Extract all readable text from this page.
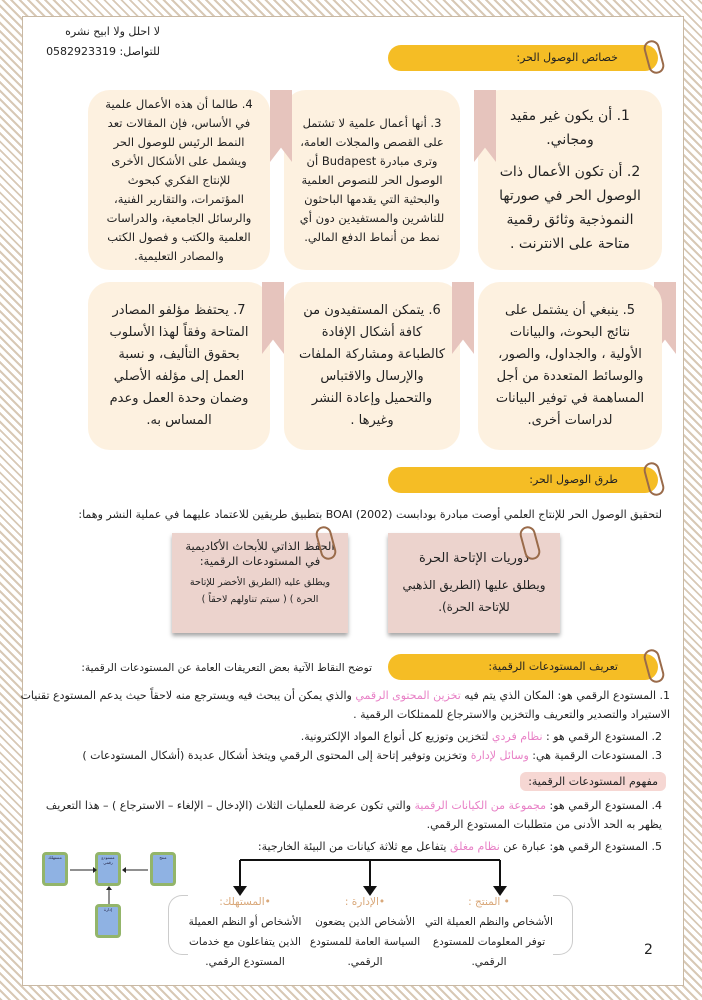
لا احلل ولا ابيح نشره
للتواصل: 0582923319	خصائص الوصول الحر:
1. أن يكون غير مقيد ومجاني.
2. أن تكون الأعمال ذات الوصول الحر في صورتها النموذجية وثائق رقمية متاحة على الانترنت .
3. أنها أعمال علمية لا تشتمل على القصص والمجلات العامة، وترى مبادرة Budapest أن الوصول الحر للنصوص العلمية والبحثية التي يقدمها الباحثون للناشرين والمستفيدين دون أي نمط من أنماط الدفع المالي.
4. طالما أن هذه الأعمال علمية في الأساس، فإن المقالات تعد النمط الرئيس للوصول الحر ويشمل على الأشكال الأخرى للإنتاج الفكري كبحوث المؤتمرات، والتقارير الفنية، والرسائل الجامعية، والدراسات العلمية والكتب و فصول الكتب والمصادر التعليمية.
5. ينبغي أن يشتمل على نتائج البحوث، والبيانات الأولية ، والجداول، والصور، والوسائط المتعددة من أجل المساهمة في توفير البيانات لدراسات أخرى.
6. يتمكن المستفيدون من كافة أشكال الإفادة كالطباعة ومشاركة الملفات والإرسال والاقتباس والتحميل وإعادة النشر وغيرها .
7. يحتفظ مؤلفو المصادر المتاحة وفقاً لهذا الأسلوب بحقوق التأليف، و نسبة العمل إلى مؤلفه الأصلي وضمان وحدة العمل وعدم المساس به.
طرق الوصول الحر:
لتحقيق الوصول الحر للإنتاج العلمي أوصت مبادرة بودابست (2002) BOAI بتطبيق طريقين للاعتماد عليهما في عملية النشر وهما:
دوريات الإتاحة الحرة
ويطلق عليها (الطريق الذهبي للإتاحة الحرة).
الحفظ الذاتي للأبحاث الأكاديمية في المستودعات الرقمية:
ويطلق عليه (الطريق الأخضر للإتاحة الحرة ) ( سيتم تناولهم لاحقاً )
تعريف المستودعات الرقمية:
توضح النقاط الآتية بعض التعريفات العامة عن المستودعات الرقمية:
1. المستودع الرقمي هو: المكان الذي يتم فيه تخزين المحتوى الرقمي والذي يمكن أن يبحث فيه ويسترجع منه لاحقاً حيث يدعم المستودع تقنيات الاستيراد والتصدير والتعريف والتخزين والاسترجاع للممتلكات الرقمية .
2. المستودع الرقمي هو : نظام فردي لتخزين وتوزيع كل أنواع المواد الإلكترونية.
3. المستودعات الرقمية هي: وسائل لإدارة وتخزين وتوفير إتاحة إلى المحتوى الرقمي ويتخذ أشكال عديدة (أشكال المستودعات )
مفهوم المستودعات الرقمية:
4. المستودع الرقمي هو: مجموعة من الكيانات الرقمية والتي تكون عرضة للعمليات الثلاث (الإدخال – الإلغاء – الاسترجاع ) – هذا التعريف يظهر به الحد الأدنى من متطلبات المستودع الرقمي.
5. المستودع الرقمي هو: عبارة عن نظام مغلق يتفاعل مع ثلاثة كيانات من البيئة الخارجية:
• المنتج :
الأشخاص والنظم العميلة التي توفر المعلومات للمستودع الرقمي.
•الإدارة :
الأشخاص الذين يضعون السياسة العامة للمستودع الرقمي.
•المستهلك:
الأشخاص أو النظم العميلة الذين يتفاعلون مع خدمات المستودع الرقمي.
مستهلك	مستودع رقمي
منتج
إدارة
2
